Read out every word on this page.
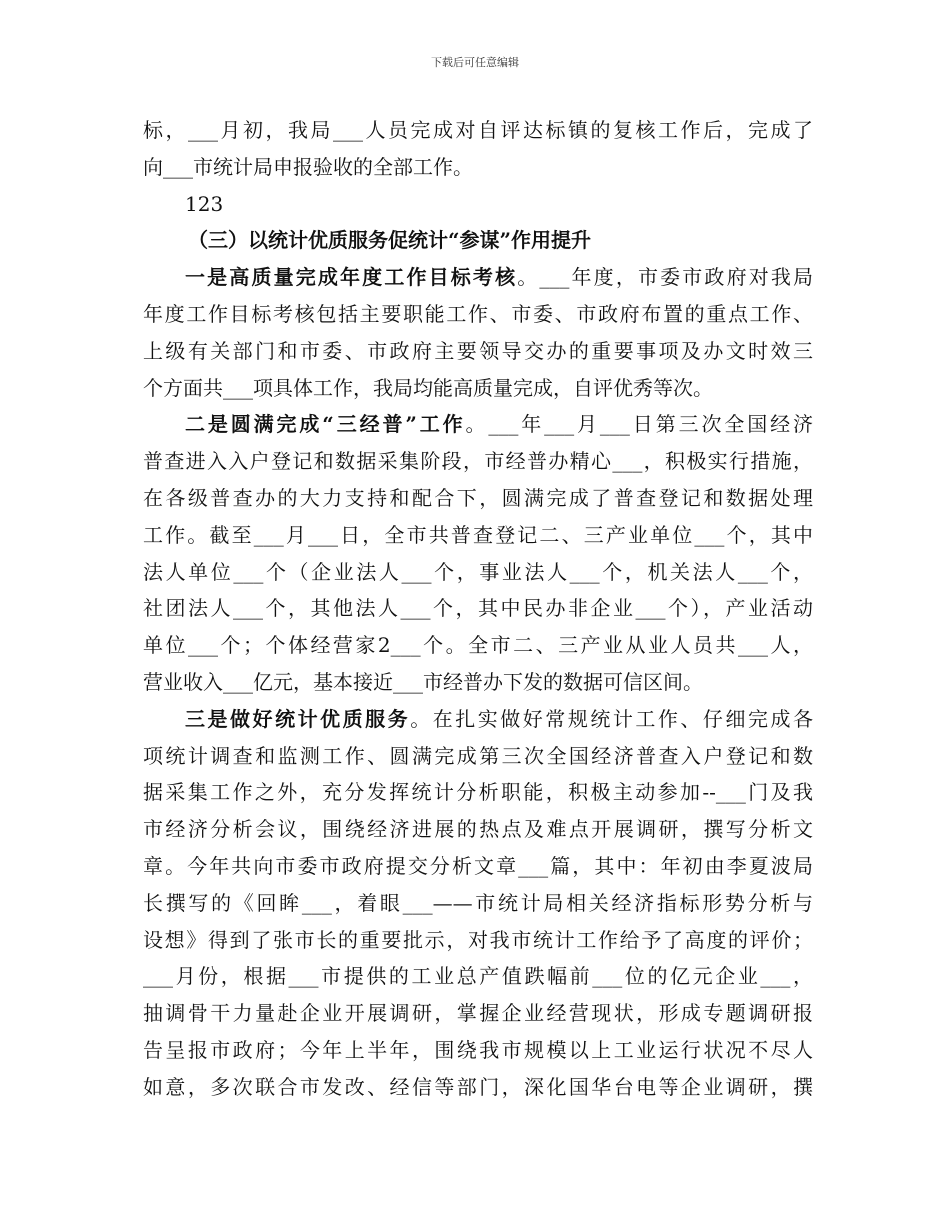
下载后可任意编辑
标，___月初，我局___人员完成对自评达标镇的复核工作后，完成了
向___市统计局申报验收的全部工作。
123
（三）以统计优质服务促统计“参谋”作用提升
一是高质量完成年度工作目标考核。___年度，市委市政府对我局
年度工作目标考核包括主要职能工作、市委、市政府布置的重点工作、
上级有关部门和市委、市政府主要领导交办的重要事项及办文时效三
个方面共___项具体工作，我局均能高质量完成，自评优秀等次。
二是圆满完成“三经普”工作。___年___月___日第三次全国经济
普查进入入户登记和数据采集阶段，市经普办精心___，积极实行措施，
在各级普查办的大力支持和配合下，圆满完成了普查登记和数据处理
工作。截至___月___日，全市共普查登记二、三产业单位___个，其中
法人单位___个（企业法人___个，事业法人___个，机关法人___个，
社团法人___个，其他法人___个，其中民办非企业___个），产业活动
单位___个；个体经营家2___个。全市二、三产业从业人员共___人，
营业收入___亿元，基本接近___市经普办下发的数据可信区间。
三是做好统计优质服务。在扎实做好常规统计工作、仔细完成各
项统计调查和监测工作、圆满完成第三次全国经济普查入户登记和数
据采集工作之外，充分发挥统计分析职能，积极主动参加--___门及我
市经济分析会议，围绕经济进展的热点及难点开展调研，撰写分析文
章。今年共向市委市政府提交分析文章___篇，其中：年初由李夏波局
长撰写的《回眸___，着眼___——市统计局相关经济指标形势分析与
设想》得到了张市长的重要批示，对我市统计工作给予了高度的评价；
___月份，根据___市提供的工业总产值跌幅前___位的亿元企业___，
抽调骨干力量赴企业开展调研，掌握企业经营现状，形成专题调研报
告呈报市政府；今年上半年，围绕我市规模以上工业运行状况不尽人
如意，多次联合市发改、经信等部门，深化国华台电等企业调研，撰
